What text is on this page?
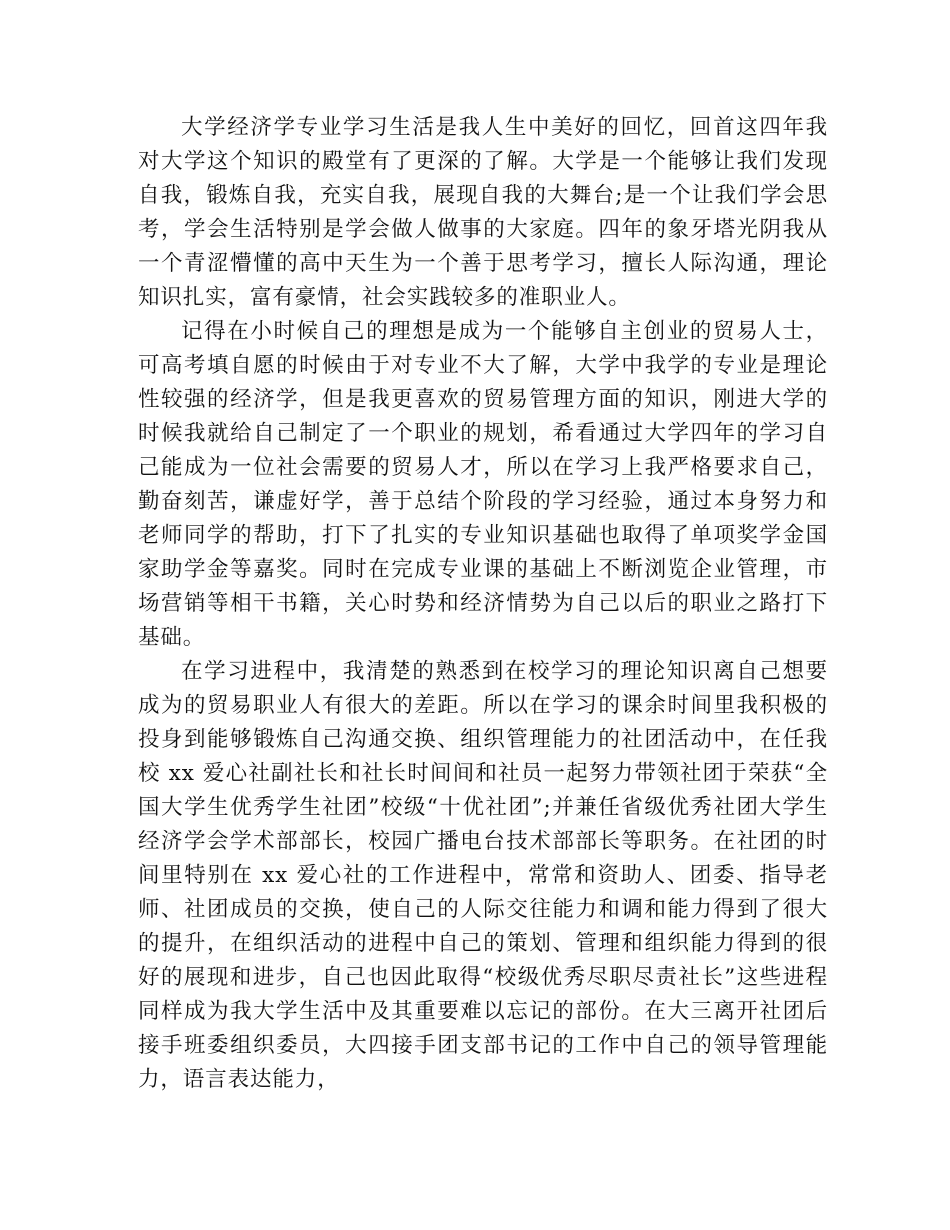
大学经济学专业学习生活是我人生中美好的回忆，回首这四年我对大学这个知识的殿堂有了更深的了解。大学是一个能够让我们发现自我，锻炼自我，充实自我，展现自我的大舞台;是一个让我们学会思考，学会生活特别是学会做人做事的大家庭。四年的象牙塔光阴我从一个青涩懵懂的高中天生为一个善于思考学习，擅长人际沟通，理论知识扎实，富有豪情，社会实践较多的准职业人。

记得在小时候自己的理想是成为一个能够自主创业的贸易人士，可高考填自愿的时候由于对专业不大了解，大学中我学的专业是理论性较强的经济学，但是我更喜欢的贸易管理方面的知识，刚进大学的时候我就给自己制定了一个职业的规划，希看通过大学四年的学习自己能成为一位社会需要的贸易人才，所以在学习上我严格要求自己，勤奋刻苦，谦虚好学，善于总结个阶段的学习经验，通过本身努力和老师同学的帮助，打下了扎实的专业知识基础也取得了单项奖学金国家助学金等嘉奖。同时在完成专业课的基础上不断浏览企业管理，市场营销等相干书籍，关心时势和经济情势为自己以后的职业之路打下基础。

在学习进程中，我清楚的熟悉到在校学习的理论知识离自己想要成为的贸易职业人有很大的差距。所以在学习的课余时间里我积极的投身到能够锻炼自己沟通交换、组织管理能力的社团活动中，在任我校 xx 爱心社副社长和社长时间间和社员一起努力带领社团于荣获“全国大学生优秀学生社团”校级“十优社团”;并兼任省级优秀社团大学生经济学会学术部部长，校园广播电台技术部部长等职务。在社团的时间里特别在 xx 爱心社的工作进程中，常常和资助人、团委、指导老师、社团成员的交换，使自己的人际交往能力和调和能力得到了很大的提升，在组织活动的进程中自己的策划、管理和组织能力得到的很好的展现和进步，自己也因此取得“校级优秀尽职尽责社长”这些进程同样成为我大学生活中及其重要难以忘记的部份。在大三离开社团后接手班委组织委员，大四接手团支部书记的工作中自己的领导管理能力，语言表达能力，
